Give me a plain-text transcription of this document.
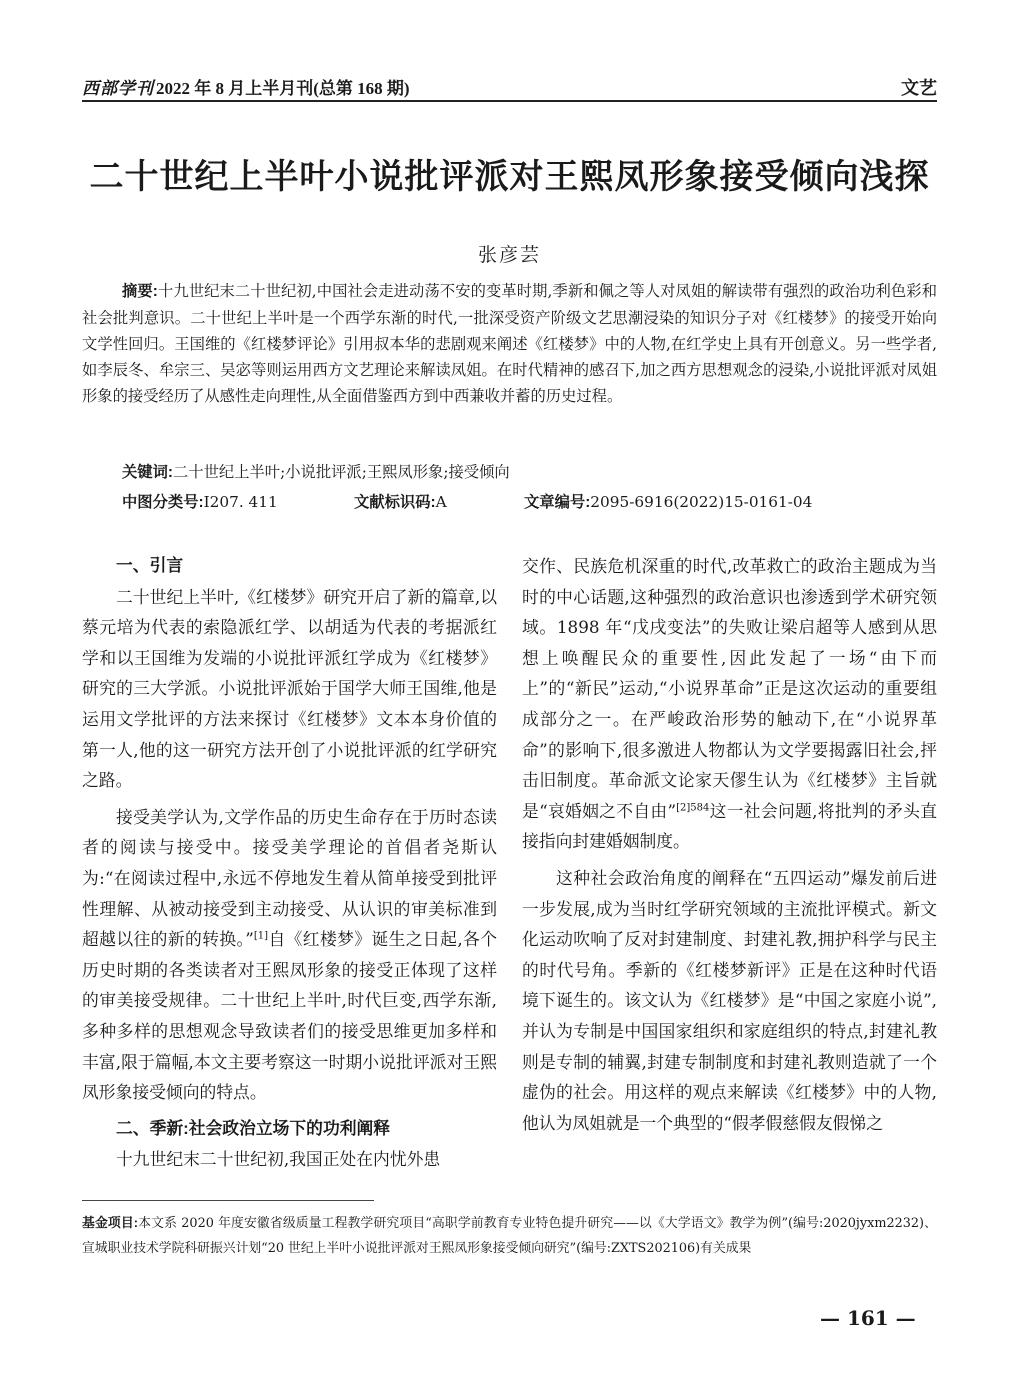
西部学刊 2022 年 8 月上半月刊(总第 168 期)	文艺
二十世纪上半叶小说批评派对王熙凤形象接受倾向浅探
张彦芸

摘要:十九世纪末二十世纪初,中国社会走进动荡不安的变革时期,季新和佩之等人对凤姐的解读带有强烈的政治功利色彩和社会批判意识。二十世纪上半叶是一个西学东渐的时代,一批深受资产阶级文艺思潮浸染的知识分子对《红楼梦》的接受开始向文学性回归。王国维的《红楼梦评论》引用叔本华的悲剧观来阐述《红楼梦》中的人物,在红学史上具有开创意义。另一些学者,如李辰冬、牟宗三、吴宓等则运用西方文艺理论来解读凤姐。在时代精神的感召下,加之西方思想观念的浸染,小说批评派对凤姐形象的接受经历了从感性走向理性,从全面借鉴西方到中西兼收并蓄的历史过程。

关键词:二十世纪上半叶;小说批评派;王熙凤形象;接受倾向
中图分类号:I207. 411	文献标识码:A	文章编号:2095-6916(2022)15-0161-04
一、引言

二十世纪上半叶,《红楼梦》研究开启了新的篇章,以蔡元培为代表的索隐派红学、以胡适为代表的考据派红学和以王国维为发端的小说批评派红学成为《红楼梦》研究的三大学派。小说批评派始于国学大师王国维,他是运用文学批评的方法来探讨《红楼梦》文本本身价值的第一人,他的这一研究方法开创了小说批评派的红学研究之路。

接受美学认为,文学作品的历史生命存在于历时态读者的阅读与接受中。接受美学理论的首倡者尧斯认为:“在阅读过程中,永远不停地发生着从简单接受到批评性理解、从被动接受到主动接受、从认识的审美标准到超越以往的新的转换。”[1]自《红楼梦》诞生之日起,各个历史时期的各类读者对王熙凤形象的接受正体现了这样的审美接受规律。二十世纪上半叶,时代巨变,西学东渐,多种多样的思想观念导致读者们的接受思维更加多样和丰富,限于篇幅,本文主要考察这一时期小说批评派对王熙凤形象接受倾向的特点。

二、季新:社会政治立场下的功利阐释

十九世纪末二十世纪初,我国正处在内忧外患

交作、民族危机深重的时代,改革救亡的政治主题成为当时的中心话题,这种强烈的政治意识也渗透到学术研究领域。1898 年“戊戌变法”的失败让梁启超等人感到从思想上唤醒民众的重要性,因此发起了一场“由下而上”的“新民”运动,“小说界革命”正是这次运动的重要组成部分之一。在严峻政治形势的触动下,在“小说界革命”的影响下,很多激进人物都认为文学要揭露旧社会,抨击旧制度。革命派文论家天僇生认为《红楼梦》主旨就是“哀婚姻之不自由”$^{[2]584}$这一社会问题,将批判的矛头直接指向封建婚姻制度。

这种社会政治角度的阐释在“五四运动”爆发前后进一步发展,成为当时红学研究领域的主流批评模式。新文化运动吹响了反对封建制度、封建礼教,拥护科学与民主的时代号角。季新的《红楼梦新评》正是在这种时代语境下诞生的。该文认为《红楼梦》是“中国之家庭小说”,并认为专制是中国国家组织和家庭组织的特点,封建礼教则是专制的辅翼,封建专制制度和封建礼教则造就了一个虚伪的社会。用这样的观点来解读《红楼梦》中的人物,他认为凤姐就是一个典型的“假孝假慈假友假悌之

基金项目:本文系 2020 年度安徽省级质量工程教学研究项目“高职学前教育专业特色提升研究——以《大学语文》教学为例”(编号:2020jyxm2232)、宣城职业技术学院科研振兴计划“20 世纪上半叶小说批评派对王熙凤形象接受倾向研究”(编号:ZXTS202106)有关成果
— 161 —
